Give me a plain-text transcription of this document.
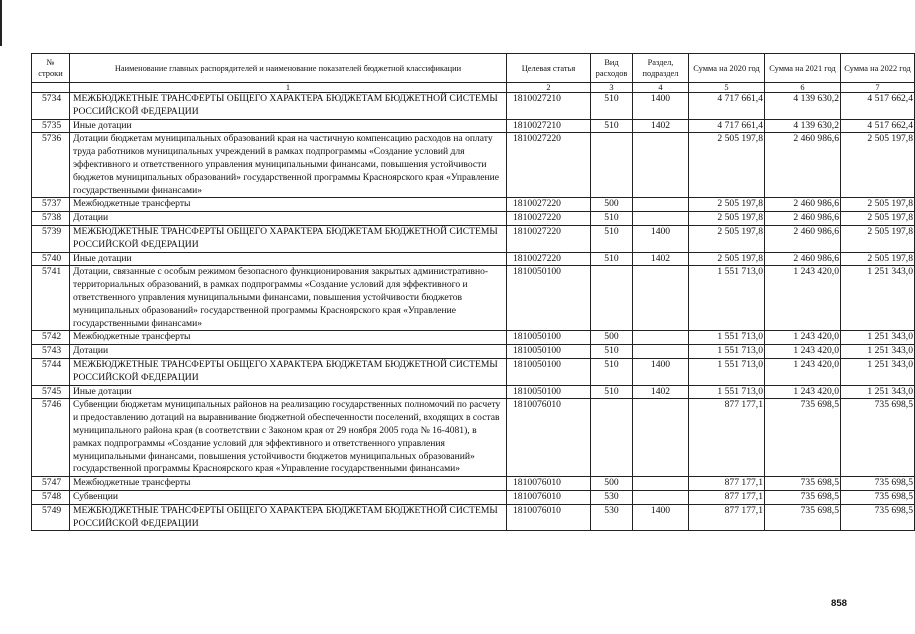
№ строки	Наименование главных распорядителей и наименование показателей бюджетной классификации	Целевая статья	Вид расходов	Раздел, подраздел	Сумма на 2020 год	Сумма на 2021 год	Сумма на 2022 год
	1	2	3	4	5	6	7
5734	МЕЖБЮДЖЕТНЫЕ ТРАНСФЕРТЫ ОБЩЕГО ХАРАКТЕРА БЮДЖЕТАМ БЮДЖЕТНОЙ СИСТЕМЫ РОССИЙСКОЙ ФЕДЕРАЦИИ	1810027210	510	1400	4 717 661,4	4 139 630,2	4 517 662,4
5735	Иные дотации	1810027210	510	1402	4 717 661,4	4 139 630,2	4 517 662,4
5736	Дотации бюджетам муниципальных образований края на частичную компенсацию расходов на оплату труда работников муниципальных учреждений в рамках подпрограммы «Создание условий для эффективного и ответственного управления муниципальными финансами, повышения устойчивости бюджетов муниципальных образований» государственной программы Красноярского края «Управление государственными финансами»	1810027220			2 505 197,8	2 460 986,6	2 505 197,8
5737	Межбюджетные трансферты	1810027220	500		2 505 197,8	2 460 986,6	2 505 197,8
5738	Дотации	1810027220	510		2 505 197,8	2 460 986,6	2 505 197,8
5739	МЕЖБЮДЖЕТНЫЕ ТРАНСФЕРТЫ ОБЩЕГО ХАРАКТЕРА БЮДЖЕТАМ БЮДЖЕТНОЙ СИСТЕМЫ РОССИЙСКОЙ ФЕДЕРАЦИИ	1810027220	510	1400	2 505 197,8	2 460 986,6	2 505 197,8
5740	Иные дотации	1810027220	510	1402	2 505 197,8	2 460 986,6	2 505 197,8
5741	Дотации, связанные с особым режимом безопасного функционирования закрытых административно-территориальных образований, в рамках подпрограммы «Создание условий для эффективного и ответственного управления муниципальными финансами, повышения устойчивости бюджетов муниципальных образований» государственной программы Красноярского края «Управление государственными финансами»	1810050100			1 551 713,0	1 243 420,0	1 251 343,0
5742	Межбюджетные трансферты	1810050100	500		1 551 713,0	1 243 420,0	1 251 343,0
5743	Дотации	1810050100	510		1 551 713,0	1 243 420,0	1 251 343,0
5744	МЕЖБЮДЖЕТНЫЕ ТРАНСФЕРТЫ ОБЩЕГО ХАРАКТЕРА БЮДЖЕТАМ БЮДЖЕТНОЙ СИСТЕМЫ РОССИЙСКОЙ ФЕДЕРАЦИИ	1810050100	510	1400	1 551 713,0	1 243 420,0	1 251 343,0
5745	Иные дотации	1810050100	510	1402	1 551 713,0	1 243 420,0	1 251 343,0
5746	Субвенции бюджетам муниципальных районов на реализацию государственных полномочий по расчету и предоставлению дотаций на выравнивание бюджетной обеспеченности поселений, входящих в состав муниципального района края (в соответствии с Законом края от 29 ноября 2005 года № 16-4081), в рамках подпрограммы «Создание условий для эффективного и ответственного управления муниципальными финансами, повышения устойчивости бюджетов муниципальных образований» государственной программы Красноярского края «Управление государственными финансами»	1810076010			877 177,1	735 698,5	735 698,5
5747	Межбюджетные трансферты	1810076010	500		877 177,1	735 698,5	735 698,5
5748	Субвенции	1810076010	530		877 177,1	735 698,5	735 698,5
5749	МЕЖБЮДЖЕТНЫЕ ТРАНСФЕРТЫ ОБЩЕГО ХАРАКТЕРА БЮДЖЕТАМ БЮДЖЕТНОЙ СИСТЕМЫ РОССИЙСКОЙ ФЕДЕРАЦИИ	1810076010	530	1400	877 177,1	735 698,5	735 698,5
858
